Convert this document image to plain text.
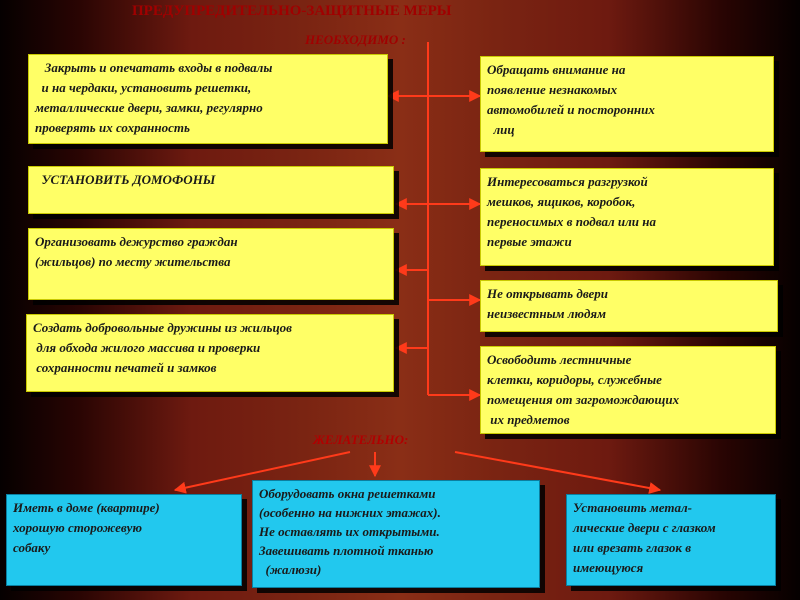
ПРЕДУПРЕДИТЕЛЬНО-ЗАЩИТНЫЕ МЕРЫ
НЕОБХОДИМО :
ЖЕЛАТЕЛЬНО:
Закрыть и опечатать входы в подвалы
и на чердаки, установить решетки,
металлические двери, замки, регулярно
проверять их сохранность
УСТАНОВИТЬ ДОМОФОНЫ
Организовать дежурство граждан
(жильцов) по месту жительства
Создать добровольные дружины из жильцов
для обхода жилого массива и проверки
сохранности печатей и замков
Обращать внимание на
появление незнакомых
автомобилей и посторонних
лиц
Интересоваться разгрузкой
мешков, ящиков, коробок,
переносимых в подвал или на
первые этажи
Не открывать двери
неизвестным людям
Освободить лестничные
клетки, коридоры, служебные
помещения от загромождающих
их предметов
Иметь в доме (квартире)
хорошую сторожевую
собаку
Оборудовать окна решетками
(особенно на нижних этажах).
Не оставлять их открытыми.
Завешивать плотной тканью
(жалюзи)
Установить метал-
лические двери с глазком
или врезать глазок в
имеющуюся
